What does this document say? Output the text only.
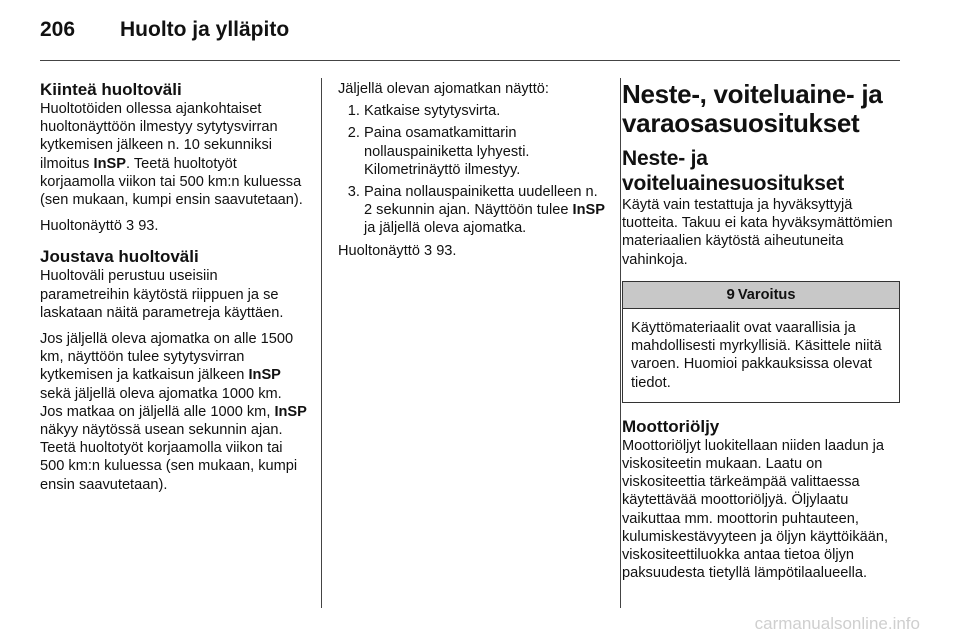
206 Huolto ja ylläpito
Kiinteä huoltoväli

Huoltotöiden ollessa ajankohtaiset huoltonäyttöön ilmestyy sytytysvirran kytkemisen jälkeen n. 10 sekunniksi ilmoitus InSP. Teetä huoltotyöt korjaamolla viikon tai 500 km:n kuluessa (sen mukaan, kumpi ensin saavutetaan).

Huoltonäyttö 3 93.

Joustava huoltoväli

Huoltoväli perustuu useisiin parametreihin käytöstä riippuen ja se laskataan näitä parametreja käyttäen.

Jos jäljellä oleva ajomatka on alle 1500 km, näyttöön tulee sytytysvirran kytkemisen ja katkaisun jälkeen InSP sekä jäljellä oleva ajomatka 1000 km. Jos matkaa on jäljellä alle 1000 km, InSP näkyy näytössä usean sekunnin ajan. Teetä huoltotyöt korjaamolla viikon tai 500 km:n kuluessa (sen mukaan, kumpi ensin saavutetaan).

Jäljellä olevan ajomatkan näyttö:

1. Katkaise sytytysvirta.
2. Paina osamatkamittarin nollauspainiketta lyhyesti. Kilometrinäyttö ilmestyy.
3. Paina nollauspainiketta uudelleen n. 2 sekunnin ajan. Näyttöön tulee InSP ja jäljellä oleva ajomatka.

Huoltonäyttö 3 93.

Neste-, voiteluaine- ja varaosasuositukset
Neste- ja voiteluainesuositukset

Käytä vain testattuja ja hyväksyttyjä tuotteita. Takuu ei kata hyväksymättömien materiaalien käytöstä aiheutuneita vahinkoja.

9 Varoitus
Käyttömateriaalit ovat vaarallisia ja mahdollisesti myrkyllisiä. Käsittele niitä varoen. Huomioi pakkauksissa olevat tiedot.
Moottoriöljy

Moottoriöljyt luokitellaan niiden laadun ja viskositeetin mukaan. Laatu on viskositeettia tärkeämpää valittaessa käytettävää moottoriöljyä. Öljylaatu vaikuttaa mm. moottorin puhtauteen, kulumiskestävyyteen ja öljyn käyttöikään, viskositeettiluokka antaa tietoa öljyn paksuudesta tietyllä lämpötilaalueella.

carmanualsonline.info
